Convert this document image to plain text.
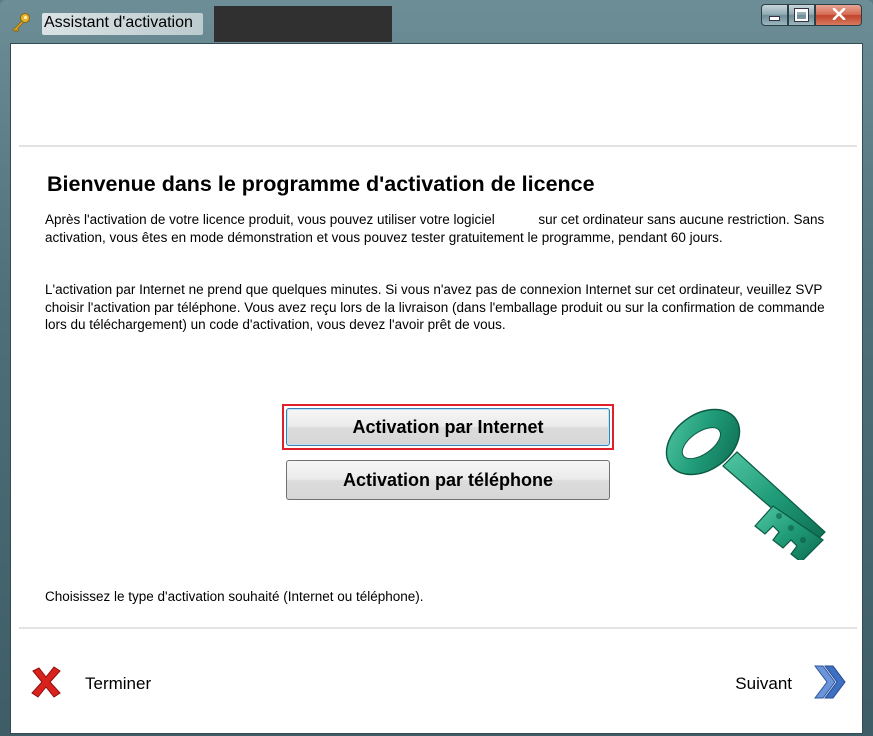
Assistant d'activation
Bienvenue dans le programme d'activation de licence
Après l'activation de votre licence produit, vous pouvez utiliser votre logiciel	sur cet ordinateur sans aucune restriction. Sans activation, vous êtes en mode démonstration et vous pouvez tester gratuitement le programme, pendant 60 jours.
L'activation par Internet ne prend que quelques minutes. Si vous n'avez pas de connexion Internet sur cet ordinateur, veuillez SVP choisir l'activation par téléphone. Vous avez reçu lors de la livraison (dans l'emballage produit ou sur la confirmation de commande lors du téléchargement) un code d'activation, vous devez l'avoir prêt de vous.
Activation par Internet
Activation par téléphone
Choisissez le type d'activation souhaité (Internet ou téléphone).
Terminer	Suivant
